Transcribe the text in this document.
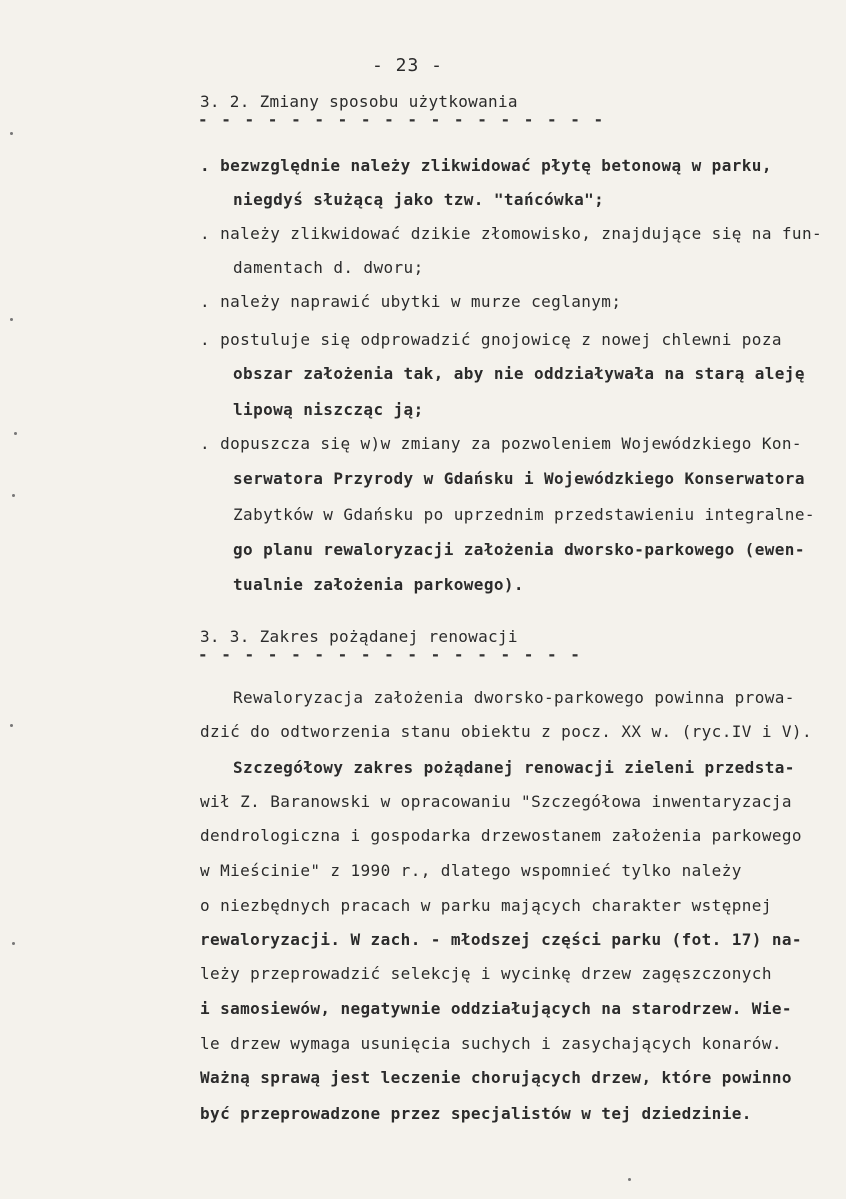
- 23 -
3. 2. Zmiany sposobu użytkowania
- - - - - - - - - - - - - - - - - -
. bezwzględnie należy zlikwidować płytę betonową w parku,
niegdyś służącą jako tzw. "tańcówka";
. należy zlikwidować dzikie złomowisko, znajdujące się na fun-
damentach d. dworu;
. należy naprawić ubytki w murze ceglanym;
. postuluje się odprowadzić gnojowicę z nowej chlewni poza
obszar założenia tak, aby nie oddziaływała na starą aleję
lipową niszcząc ją;
. dopuszcza się w)w zmiany za pozwoleniem Wojewódzkiego Kon-
serwatora Przyrody w Gdańsku i Wojewódzkiego Konserwatora
Zabytków w Gdańsku po uprzednim przedstawieniu integralne-
go planu rewaloryzacji założenia dworsko-parkowego (ewen-
tualnie założenia parkowego).
3. 3. Zakres pożądanej renowacji
- - - - - - - - - - - - - - - - -
Rewaloryzacja założenia dworsko-parkowego powinna prowa-
dzić do odtworzenia stanu obiektu z pocz. XX w. (ryc.IV i V).
Szczegółowy zakres pożądanej renowacji zieleni przedsta-
wił Z. Baranowski w opracowaniu "Szczegółowa inwentaryzacja
dendrologiczna i gospodarka drzewostanem założenia parkowego
w Mieścinie" z 1990 r., dlatego wspomnieć tylko należy
o niezbędnych pracach w parku mających charakter wstępnej
rewaloryzacji. W zach. - młodszej części parku (fot. 17) na-
leży przeprowadzić selekcję i wycinkę drzew zagęszczonych
i samosiewów, negatywnie oddziałujących na starodrzew. Wie-
le drzew wymaga usunięcia suchych i zasychających konarów.
Ważną sprawą jest leczenie chorujących drzew, które powinno
być przeprowadzone przez specjalistów w tej dziedzinie.
